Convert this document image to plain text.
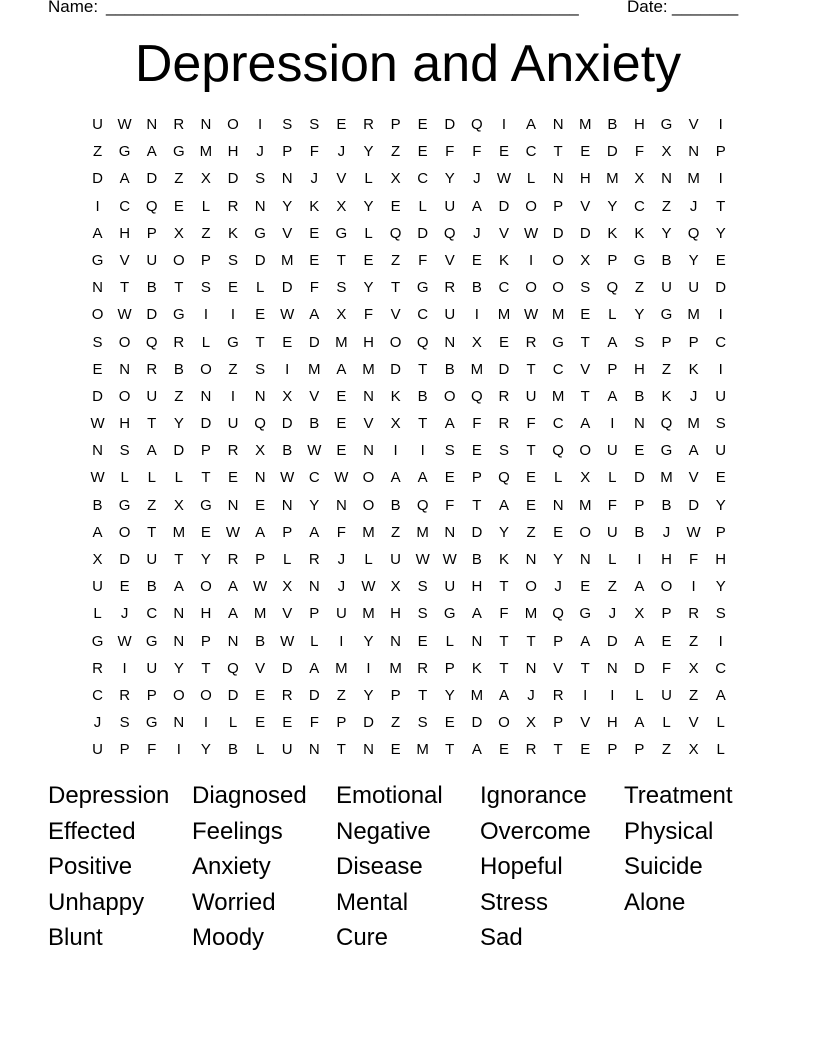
Name: __________________________________________________	Date: _______
Depression and Anxiety
U W N	R	N	O	I	S	S	E	R	P	E	D	Q	I	A	N	M	B	H	G	V	I
Z	G	A	G	M	H	J	P	F	J	Y	Z	E	F	F	E	C	T	E	D	F	X	N	P
D	A	D	Z	X	D	S	N	J	V	L	X	C	Y	J	W	L	N	H	M	X	N	M	I
I	C	Q	E	L	R	N	Y	K	X	Y	E	L	U	A	D	O	P	V	Y	C	Z	J	T
A	H	P	X	Z	K	G	V	E	G	L	Q	D	Q	J	V	W D	D	K	K	Y	Q	Y
G	V	U	O	P	S	D	M	E	T	E	Z	F	V	E	K	I	O	X	P	G	B	Y	E
N	T	B	T	S	E	L	D	F	S	Y	T	G	R	B	C	O	O	S	Q	Z	U	U	D
O W D	G	I	I	E	W	A	X	F	V	C	U	I	M W M	E	L	Y	G	M	I
S	O	Q	R	L	G	T	E	D	M	H	O	Q	N	X	E	R	G	T	A	S	P	P	C
E	N	R	B	O	Z	S	I	M	A	M	D	T	B	M	D	T	C	V	P	H	Z	K	I
D	O	U	Z	N	I	N	X	V	E	N	K	B	O	Q	R	U	M	T	A	B	K	J	U
W H	T	Y	D	U	Q	D	B	E	V	X	T	A	F	R	F	C	A	I	N	Q	M	S
N	S	A	D	P	R	X	B	W	E	N	I	I	S	E	S	T	Q	O	U	E	G	A	U
W	L	L	L	T	E	N W C W O	A	A	E	P	Q	E	L	X	L	D	M	V	E
B	G	Z	X	G	N	E	N	Y	N	O	B	Q	F	T	A	E	N	M	F	P	B	D	Y
A	O	T	M	E	W	A	P	A	F	M	Z	M	N	D	Y	Z	E	O	U	B	J	W	P
X	D	U	T	Y	R	P	L	R	J	L	U W W	B	K	N	Y	N	L	I	H	F	H
U	E	B	A	O	A	W	X	N	J	W	X	S	U	H	T	O	J	E	Z	A	O	I	Y
L	J	C	N	H	A	M	V	P	U	M	H	S	G	A	F	M	Q	G	J	X	P	R	S
G W G	N	P	N	B	W	L	I	Y	N	E	L	N	T	T	P	A	D	A	E	Z	I
R	I	U	Y	T	Q	V	D	A	M	I	M	R	P	K	T	N	V	T	N	D	F	X	C
C	R	P	O	O	D	E	R	D	Z	Y	P	T	Y	M	A	J	R	I	I	L	U	Z	A
J	S	G	N	I	L	E	E	F	P	D	Z	S	E	D	O	X	P	V	H	A	L	V	L
U	P	F	I	Y	B	L	U	N	T	N	E	M	T	A	E	R	T	E	P	P	Z	X	L
Depression Diagnosed	Emotional	Ignorance	Treatment
Effected	Feelings	Negative	Overcome	Physical
Positive	Anxiety	Disease	Hopeful	Suicide
Unhappy	Worried	Mental	Stress	Alone
Blunt	Moody	Cure	Sad
